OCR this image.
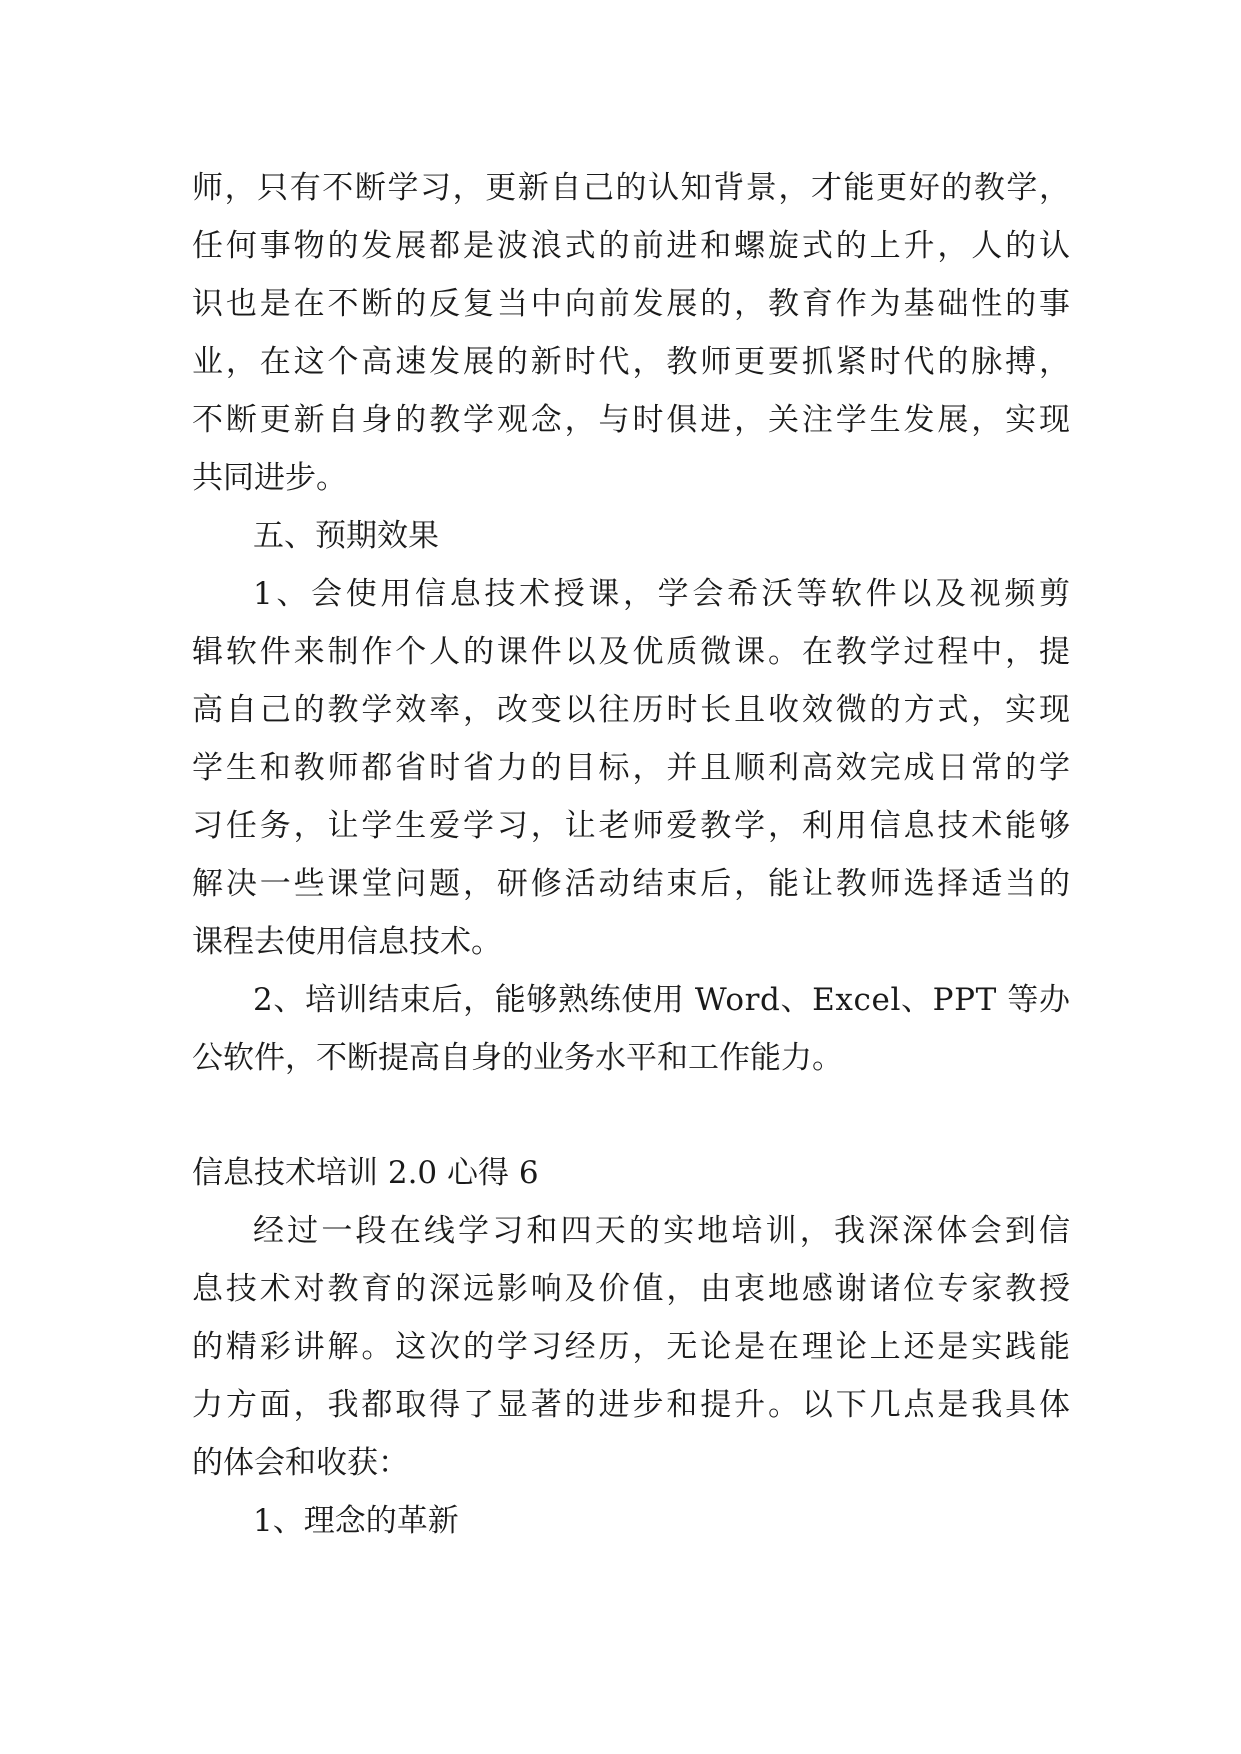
师，只有不断学习，更新自己的认知背景，才能更好的教学，
任何事物的发展都是波浪式的前进和螺旋式的上升，人的认
识也是在不断的反复当中向前发展的，教育作为基础性的事
业，在这个高速发展的新时代，教师更要抓紧时代的脉搏，
不断更新自身的教学观念，与时俱进，关注学生发展，实现
共同进步。
五、预期效果
1、会使用信息技术授课，学会希沃等软件以及视频剪
辑软件来制作个人的课件以及优质微课。在教学过程中，提
高自己的教学效率，改变以往历时长且收效微的方式，实现
学生和教师都省时省力的目标，并且顺利高效完成日常的学
习任务，让学生爱学习，让老师爱教学，利用信息技术能够
解决一些课堂问题，研修活动结束后，能让教师选择适当的
课程去使用信息技术。
2、培训结束后，能够熟练使用 Word、Excel、PPT 等办
公软件，不断提高自身的业务水平和工作能力。
信息技术培训 2.0 心得 6
经过一段在线学习和四天的实地培训，我深深体会到信
息技术对教育的深远影响及价值，由衷地感谢诸位专家教授
的精彩讲解。这次的学习经历，无论是在理论上还是实践能
力方面，我都取得了显著的进步和提升。以下几点是我具体
的体会和收获：
1、理念的革新
